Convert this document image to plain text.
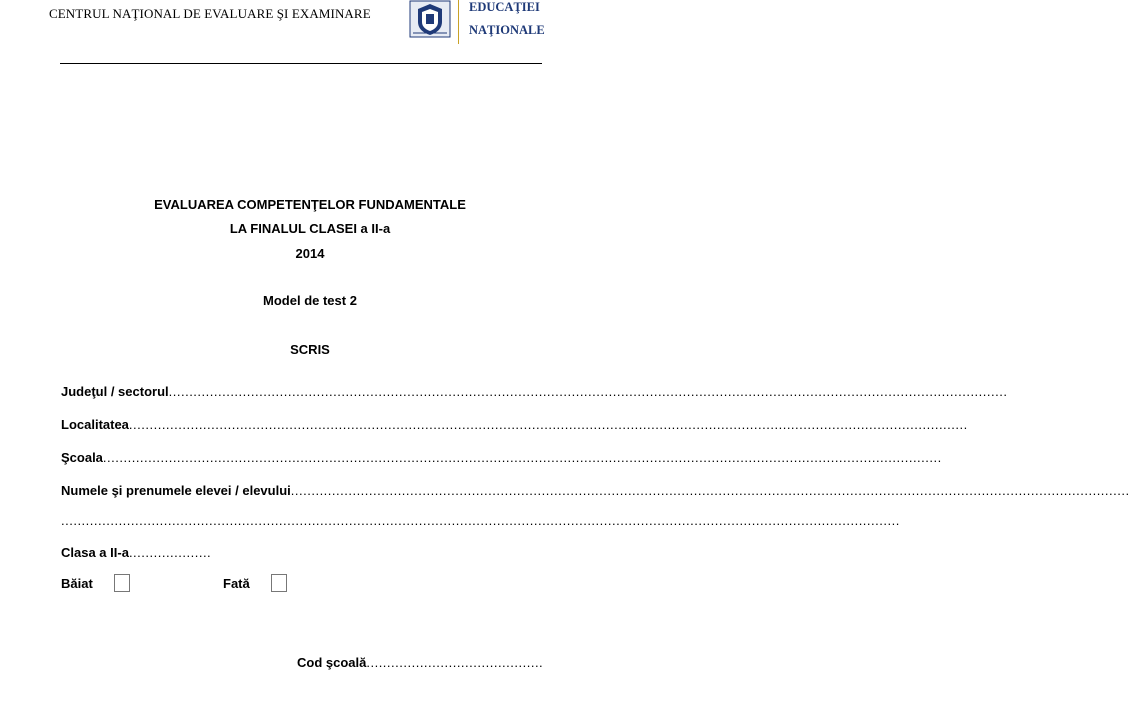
CENTRUL NAŢIONAL DE EVALUARE ŞI EXAMINARE	EDUCAŢIEI
NAŢIONALE
EVALUAREA COMPETENŢELOR FUNDAMENTALE
LA FINALUL CLASEI a II-a
2014
Model de test 2
SCRIS
Judeţul / sectorul ............................................................................................................................................................................................................
Localitatea ............................................................................................................................................................................................................
Şcoala ............................................................................................................................................................................................................
Numele şi prenumele elevei / elevului ............................................................................................................................................................................................................
............................................................................................................................................................................................................
Clasa a II-a....................
Băiat	Fată
Cod şcoală...........................................
